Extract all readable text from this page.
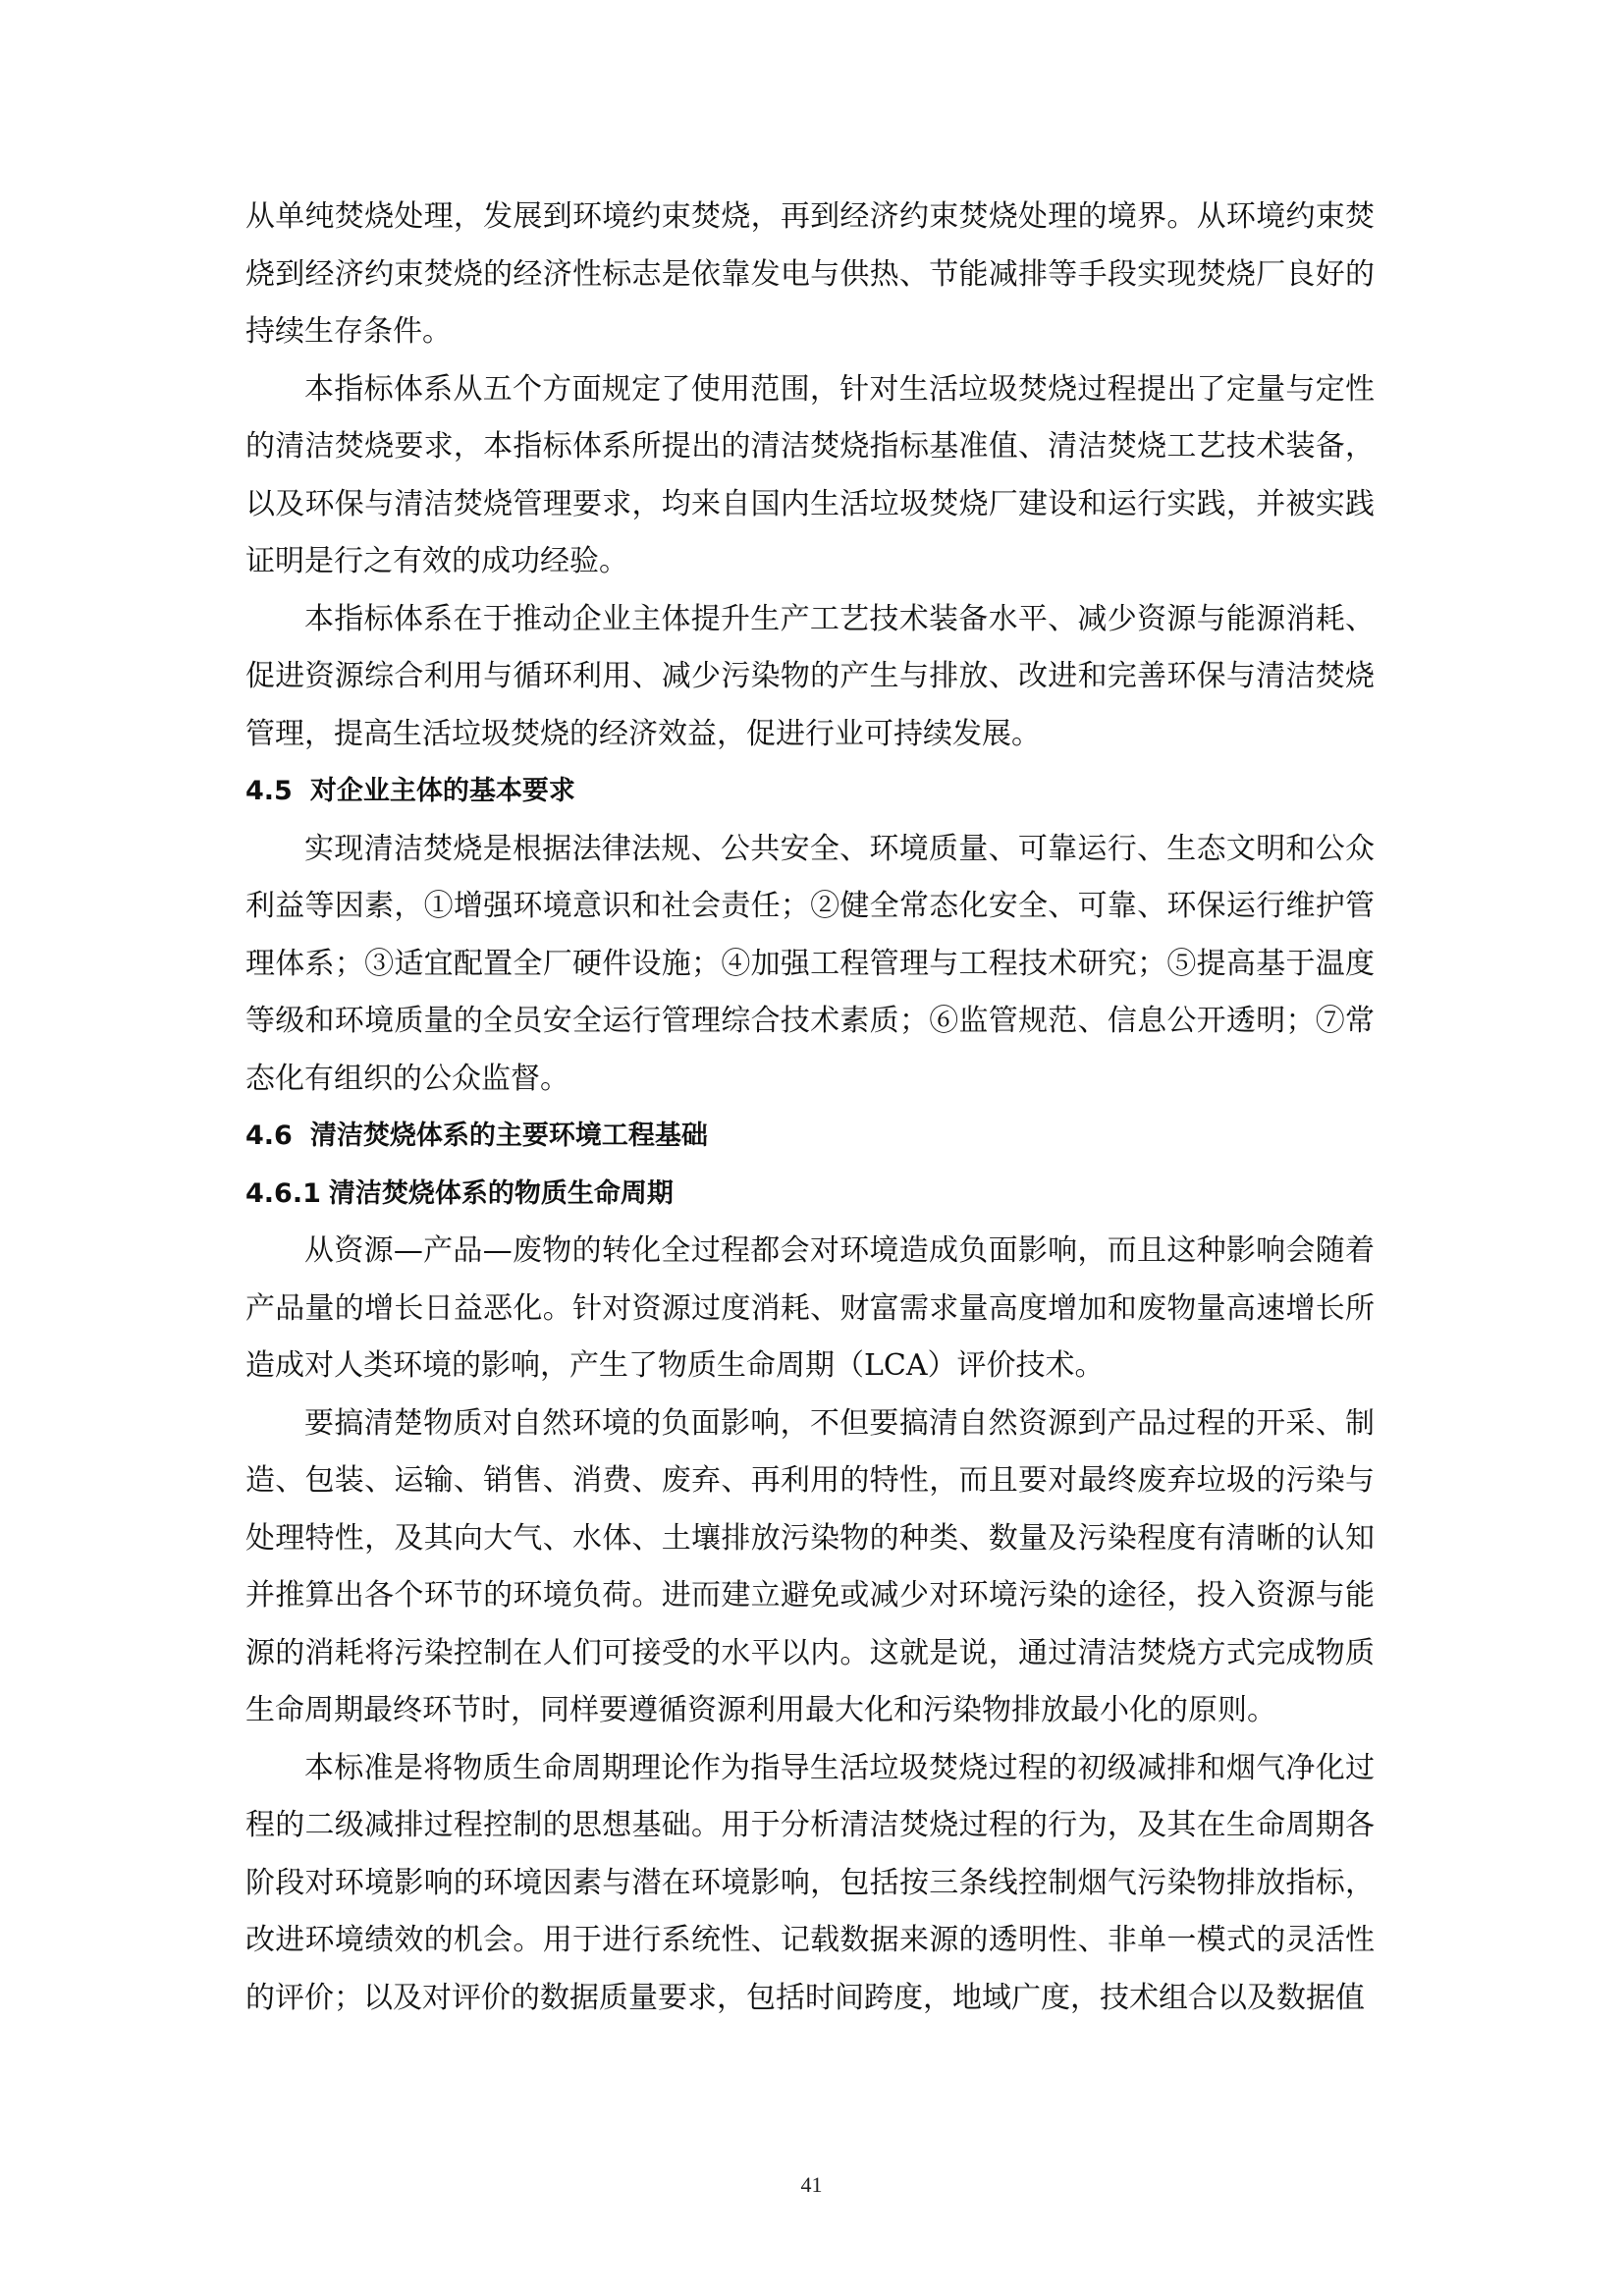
从单纯焚烧处理，发展到环境约束焚烧，再到经济约束焚烧处理的境界。从环境约束焚烧到经济约束焚烧的经济性标志是依靠发电与供热、节能减排等手段实现焚烧厂良好的持续生存条件。

本指标体系从五个方面规定了使用范围，针对生活垃圾焚烧过程提出了定量与定性的清洁焚烧要求，本指标体系所提出的清洁焚烧指标基准值、清洁焚烧工艺技术装备，以及环保与清洁焚烧管理要求，均来自国内生活垃圾焚烧厂建设和运行实践，并被实践证明是行之有效的成功经验。

本指标体系在于推动企业主体提升生产工艺技术装备水平、减少资源与能源消耗、促进资源综合利用与循环利用、减少污染物的产生与排放、改进和完善环保与清洁焚烧管理，提高生活垃圾焚烧的经济效益，促进行业可持续发展。

4.5 对企业主体的基本要求

实现清洁焚烧是根据法律法规、公共安全、环境质量、可靠运行、生态文明和公众利益等因素，①增强环境意识和社会责任；②健全常态化安全、可靠、环保运行维护管理体系；③适宜配置全厂硬件设施；④加强工程管理与工程技术研究；⑤提高基于温度等级和环境质量的全员安全运行管理综合技术素质；⑥监管规范、信息公开透明；⑦常态化有组织的公众监督。

4.6 清洁焚烧体系的主要环境工程基础
4.6.1 清洁焚烧体系的物质生命周期

从资源—产品—废物的转化全过程都会对环境造成负面影响，而且这种影响会随着产品量的增长日益恶化。针对资源过度消耗、财富需求量高度增加和废物量高速增长所造成对人类环境的影响，产生了物质生命周期（LCA）评价技术。

要搞清楚物质对自然环境的负面影响，不但要搞清自然资源到产品过程的开采、制造、包装、运输、销售、消费、废弃、再利用的特性，而且要对最终废弃垃圾的污染与处理特性，及其向大气、水体、土壤排放污染物的种类、数量及污染程度有清晰的认知并推算出各个环节的环境负荷。进而建立避免或减少对环境污染的途径，投入资源与能源的消耗将污染控制在人们可接受的水平以内。这就是说，通过清洁焚烧方式完成物质生命周期最终环节时，同样要遵循资源利用最大化和污染物排放最小化的原则。

本标准是将物质生命周期理论作为指导生活垃圾焚烧过程的初级减排和烟气净化过程的二级减排过程控制的思想基础。用于分析清洁焚烧过程的行为，及其在生命周期各阶段对环境影响的环境因素与潜在环境影响，包括按三条线控制烟气污染物排放指标，改进环境绩效的机会。用于进行系统性、记载数据来源的透明性、非单一模式的灵活性的评价；以及对评价的数据质量要求，包括时间跨度，地域广度，技术组合以及数据值

41
